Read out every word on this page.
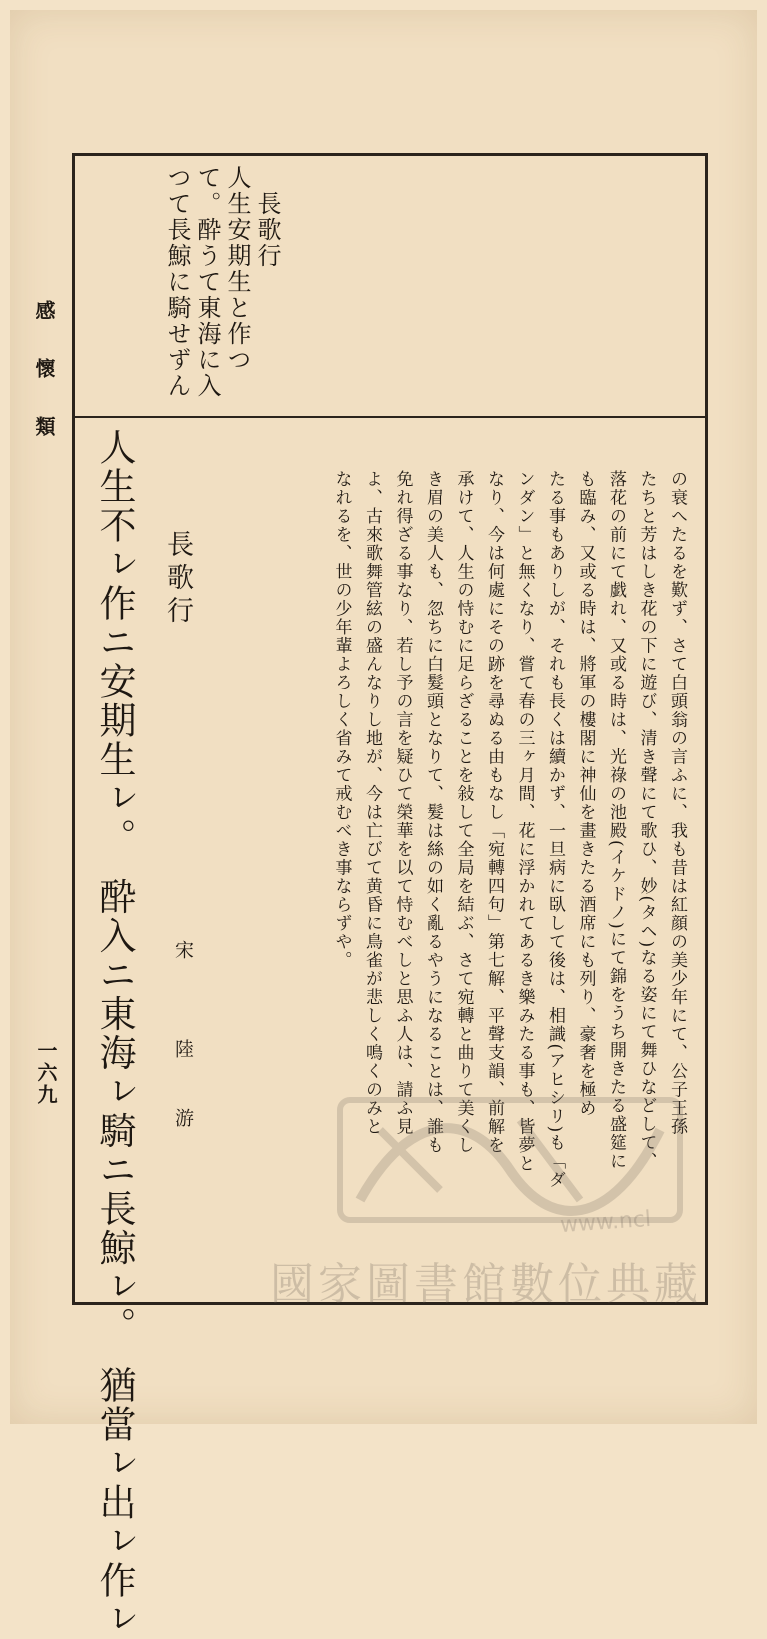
感懷類
一六九
長歌行
人生安期生と作つ
て。酔うて東海に入
つて長鯨に騎せずん
の衰へたるを歎ず、さて白頭翁の言ふに、我も昔は紅顔の美少年にて、公子王孫
たちと芳はしき花の下に遊び、清き聲にて歌ひ、妙(タヘ)なる姿にて舞ひなどして、
落花の前にて戯れ、又或る時は、光祿の池殿(イケドノ)にて錦をうち開きたる盛筵に
も臨み、又或る時は、將軍の樓閣に神仙を畫きたる酒席にも列り、豪奢を極め
たる事もありしが、それも長くは續かず、一旦病に臥して後は、相識(アヒシリ)も「ダ
ンダン」と無くなり、嘗て春の三ヶ月間、花に浮かれてあるき樂みたる事も、皆夢と
なり、今は何處にその跡を尋ぬる由もなし「宛轉四句」第七解、平聲支韻、前解を
承けて、人生の恃むに足らざることを敍して全局を結ぶ、さて宛轉と曲りて美くし
き眉の美人も、忽ちに白髮頭となりて、髮は絲の如く亂るやうになることは、誰も
免れ得ざる事なり、若し予の言を疑ひて榮華を以て恃むべしと思ふ人は、請ふ見
よ、古來歌舞管絃の盛んなりし地が、今は亡びて黄昏に鳥雀が悲しく鳴くのみと
なれるを、世の少年輩よろしく省みて戒むべき事ならずや。
長歌行
宋 陸　　游
人生不ㇾ作ニ安期生ㇾ。　酔入ニ東海ㇾ騎ニ長鯨ㇾ。　猶當ㇾ出ㇾ作ㇾ	www.ncl
國家圖書館數位典藏
